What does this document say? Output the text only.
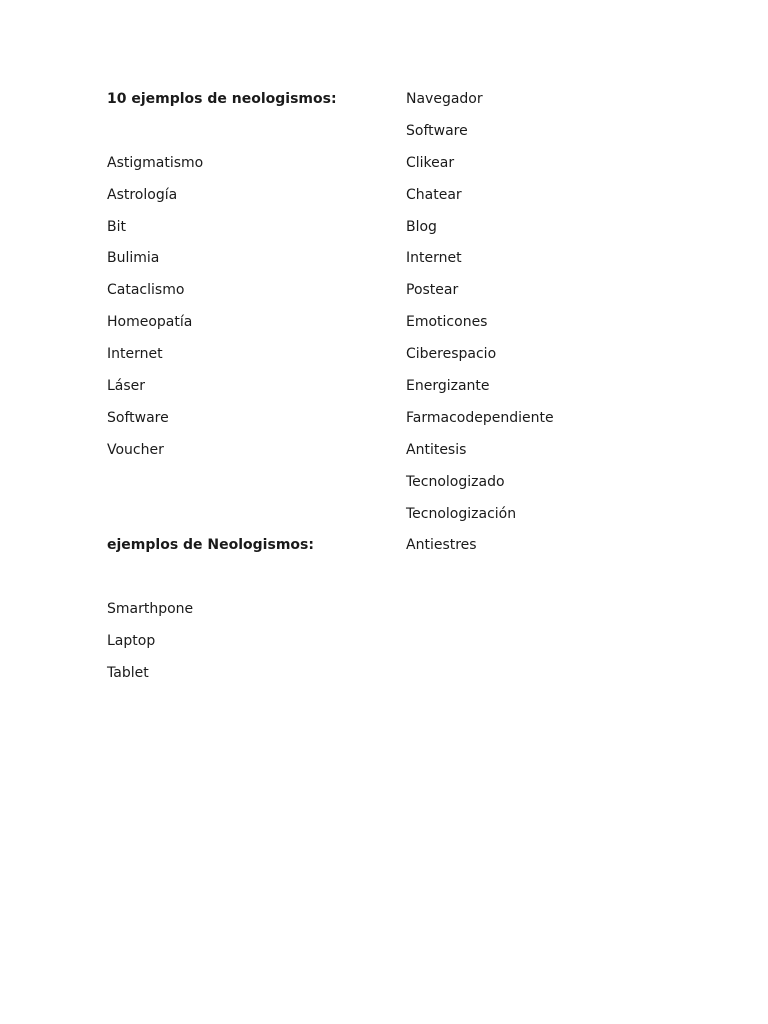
10 ejemplos de neologismos:
Astigmatismo
Astrología
Bit
Bulimia
Cataclismo
Homeopatía
Internet
Láser
Software
Voucher
ejemplos de Neologismos:
Smarthpone
Laptop
Tablet
Navegador
Software
Clikear
Chatear
Blog
Internet
Postear
Emoticones
Ciberespacio
Energizante
Farmacodependiente
Antitesis
Tecnologizado
Tecnologización
Antiestres
